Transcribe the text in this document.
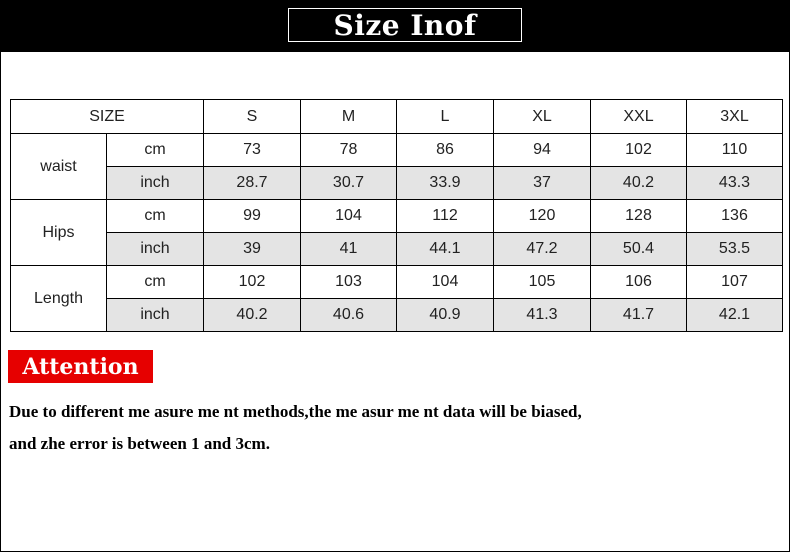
Size Inof
SIZE		S	M	L	XL	XXL	3XL
waist	cm	73	78	86	94	102	110
	inch	28.7	30.7	33.9	37	40.2	43.3
Hips	cm	99	104	112	120	128	136
	inch	39	41	44.1	47.2	50.4	53.5
Length	cm	102	103	104	105	106	107
	inch	40.2	40.6	40.9	41.3	41.7	42.1
Attention
Due to different me asure me nt methods,the me asur me nt data will be biased,
and zhe error is between 1 and 3cm.
